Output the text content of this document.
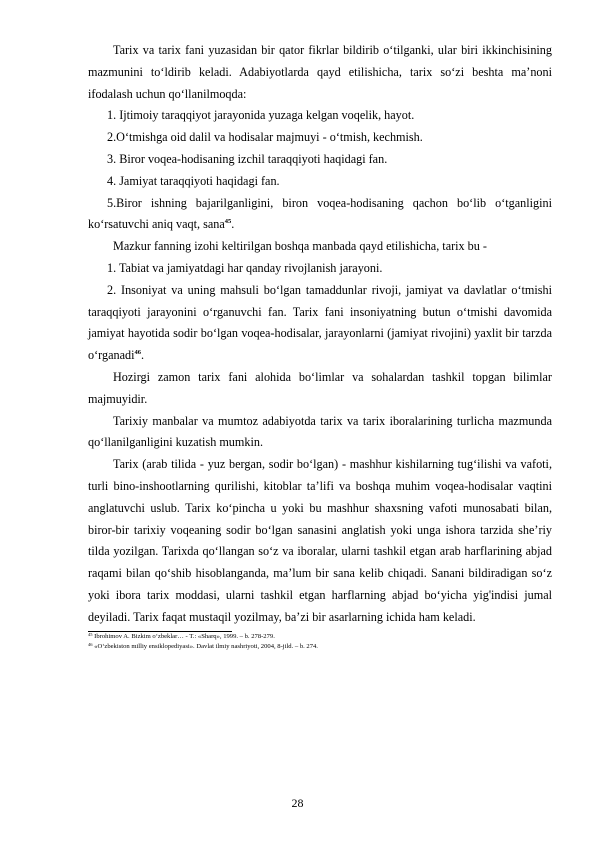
Tarix va tarix fani yuzasidan bir qator fikrlar bildirib o‘tilganki, ular biri ikkinchisining mazmunini to‘ldirib keladi. Adabiyotlarda qayd etilishicha, tarix so‘zi beshta ma’noni ifodalash uchun qo‘llanilmoqda:

1. Ijtimoiy taraqqiyot jarayonida yuzaga kelgan voqelik, hayot.

2.O‘tmishga oid dalil va hodisalar majmuyi - o‘tmish, kechmish.

3. Biror voqea-hodisaning izchil taraqqiyoti haqidagi fan.

4. Jamiyat taraqqiyoti haqidagi fan.

5.Biror ishning bajarilganligini, biron voqea-hodisaning qachon bo‘lib o‘tganligini ko‘rsatuvchi aniq vaqt, sana$^{45}$.

Mazkur fanning izohi keltirilgan boshqa manbada qayd etilishicha, tarix bu -

1. Tabiat va jamiyatdagi har qanday rivojlanish jarayoni.

2. Insoniyat va uning mahsuli bo‘lgan tamaddunlar rivoji, jamiyat va davlatlar o‘tmishi taraqqiyoti jarayonini o‘rganuvchi fan. Tarix fani insoniyatning butun o‘tmishi davomida jamiyat hayotida sodir bo‘lgan voqea-hodisalar, jarayonlarni (jamiyat rivojini) yaxlit bir tarzda o‘rganadi$^{46}$.

Hozirgi zamon tarix fani alohida bo‘limlar va sohalardan tashkil topgan bilimlar majmuyidir.

Tarixiy manbalar va mumtoz adabiyotda tarix va tarix iboralarining turlicha mazmunda qo‘llanilganligini kuzatish mumkin.

Tarix (arab tilida - yuz bergan, sodir bo‘lgan) - mashhur kishilarning tug‘ilishi va vafoti, turli bino-inshootlarning qurilishi, kitoblar ta’lifi va boshqa muhim voqea-hodisalar vaqtini anglatuvchi uslub. Tarix ko‘pincha u yoki bu mashhur shaxsning vafoti munosabati bilan, biror-bir tarixiy voqeaning sodir bo‘lgan sanasini anglatish yoki unga ishora tarzida she’riy tilda yozilgan. Tarixda qo‘llangan so‘z va iboralar, ularni tashkil etgan arab harflarining abjad raqami bilan qo‘shib hisoblanganda, ma’lum bir sana kelib chiqadi. Sanani bildiradigan so‘z yoki ibora tarix moddasi, ularni tashkil etgan harflarning abjad bo‘yicha yig'indisi jumal deyiladi. Tarix faqat mustaqil yozilmay, ba’zi bir asarlarning ichida ham keladi.

$^{45}$ Ibrohimov A. Bizkim o‘zbeklar… - T.: «Sharq», 1999. – b. 278-279.

$^{46}$ «O‘zbekiston milliy ensiklopediyasi». Davlat ilmiy nashriyoti, 2004, 8-jild. – b. 274.

28
